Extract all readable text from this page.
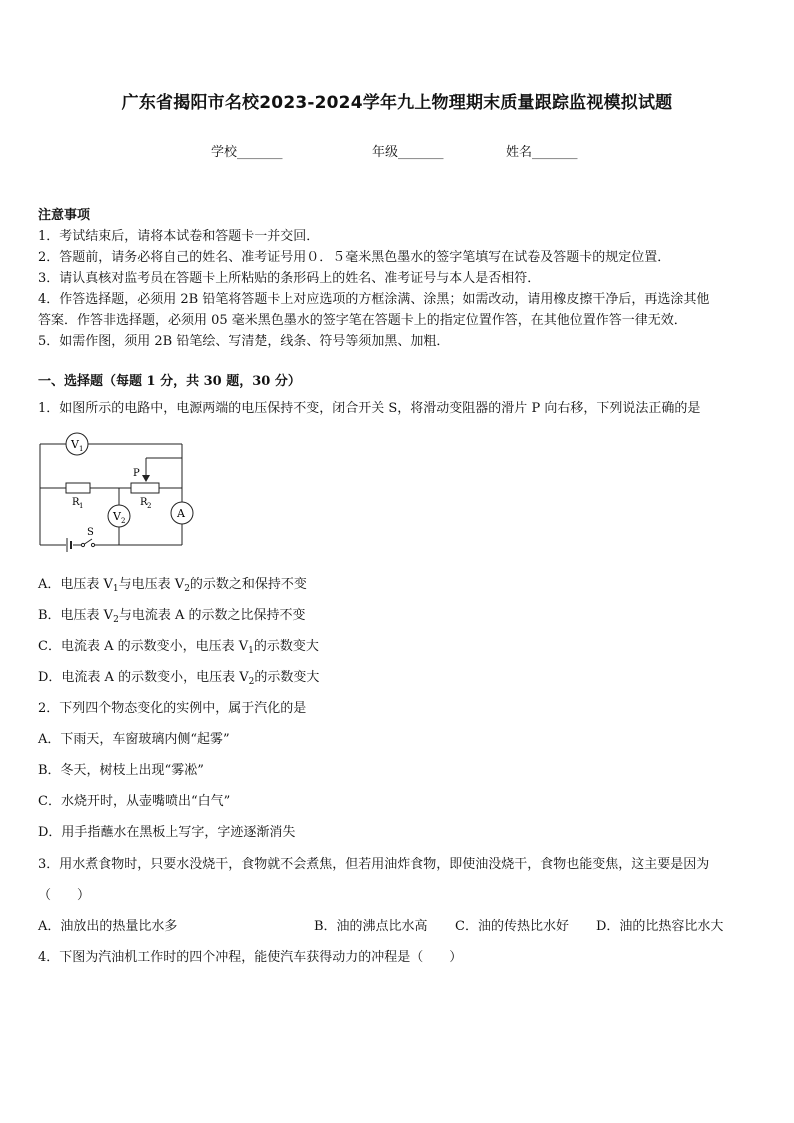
广东省揭阳市名校2023-2024学年九上物理期末质量跟踪监视模拟试题
学校_______	年级_______	姓名_______
注意事项
1．考试结束后，请将本试卷和答题卡一并交回．
2．答题前，请务必将自己的姓名、准考证号用０．５毫米黑色墨水的签字笔填写在试卷及答题卡的规定位置．
3．请认真核对监考员在答题卡上所粘贴的条形码上的姓名、准考证号与本人是否相符．
4．作答选择题，必须用 2B 铅笔将答题卡上对应选项的方框涂满、涂黑；如需改动，请用橡皮擦干净后，再选涂其他
答案．作答非选择题，必须用 05 毫米黑色墨水的签字笔在答题卡上的指定位置作答，在其他位置作答一律无效．
5．如需作图，须用 2B 铅笔绘、写清楚，线条、符号等须加黑、加粗．
一、选择题（每题 1 分，共 30 题，30 分）
1．如图所示的电路中，电源两端的电压保持不变，闭合开关 S，将滑动变阻器的滑片 P 向右移，下列说法正确的是
V 1
V 2
A
P
R 1	R 2
S
A．电压表 $V_1$与电压表 $V_2$的示数之和保持不变
B．电压表 $V_2$与电流表 A 的示数之比保持不变
C．电流表 A 的示数变小，电压表 $V_1$的示数变大
D．电流表 A 的示数变小，电压表 $V_2$的示数变大
2．下列四个物态变化的实例中，属于汽化的是
A．下雨天，车窗玻璃内侧“起雾”
B．冬天，树枝上出现“雾凇”
C．水烧开时，从壶嘴喷出“白气”
D．用手指蘸水在黑板上写字，字迹逐渐消失
3．用水煮食物时，只要水没烧干，食物就不会煮焦，但若用油炸食物，即使油没烧干，食物也能变焦，这主要是因为
（　　）
A．油放出的热量比水多	B．油的沸点比水高 C．油的传热比水好 D．油的比热容比水大
4．下图为汽油机工作时的四个冲程，能使汽车获得动力的冲程是（　　）
